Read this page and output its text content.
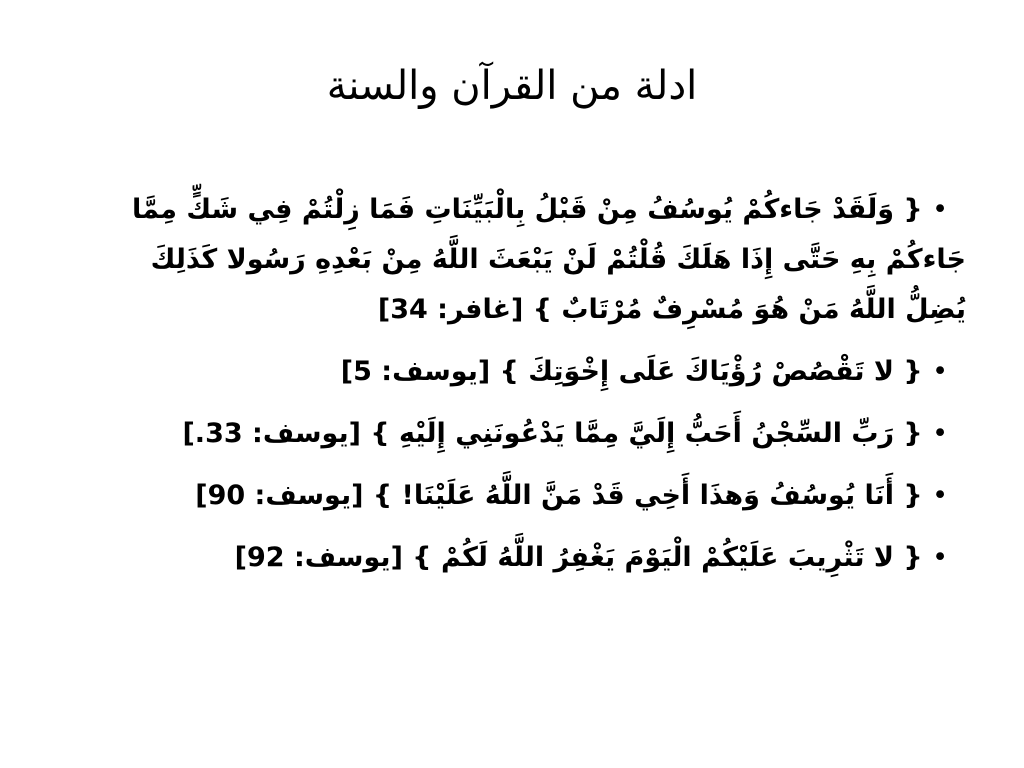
ادلة من القرآن والسنة
• { وَلَقَدْ جَاءكُمْ يُوسُفُ مِنْ قَبْلُ بِالْبَيِّنَاتِ فَمَا زِلْتُمْ فِي شَكٍّ مِمَّا جَاءكُمْ بِهِ حَتَّى إِذَا هَلَكَ قُلْتُمْ لَنْ يَبْعَثَ اللَّهُ مِنْ بَعْدِهِ رَسُولا كَذَلِكَ يُضِلُّ اللَّهُ مَنْ هُوَ مُسْرِفٌ مُرْتَابٌ } [غافر: 34]
• { لا تَقْصُصْ رُؤْيَاكَ عَلَى إِخْوَتِكَ } [يوسف: 5]
• { رَبِّ السِّجْنُ أَحَبُّ إِلَيَّ مِمَّا يَدْعُونَنِي إِلَيْهِ } [يوسف: 33.]
• { أَنَا يُوسُفُ وَهذَا أَخِي قَدْ مَنَّ اللَّهُ عَلَيْنَا! } [يوسف: 90]
• { لا تَثْرِيبَ عَلَيْكُمْ الْيَوْمَ يَغْفِرُ اللَّهُ لَكُمْ } [يوسف: 92]
